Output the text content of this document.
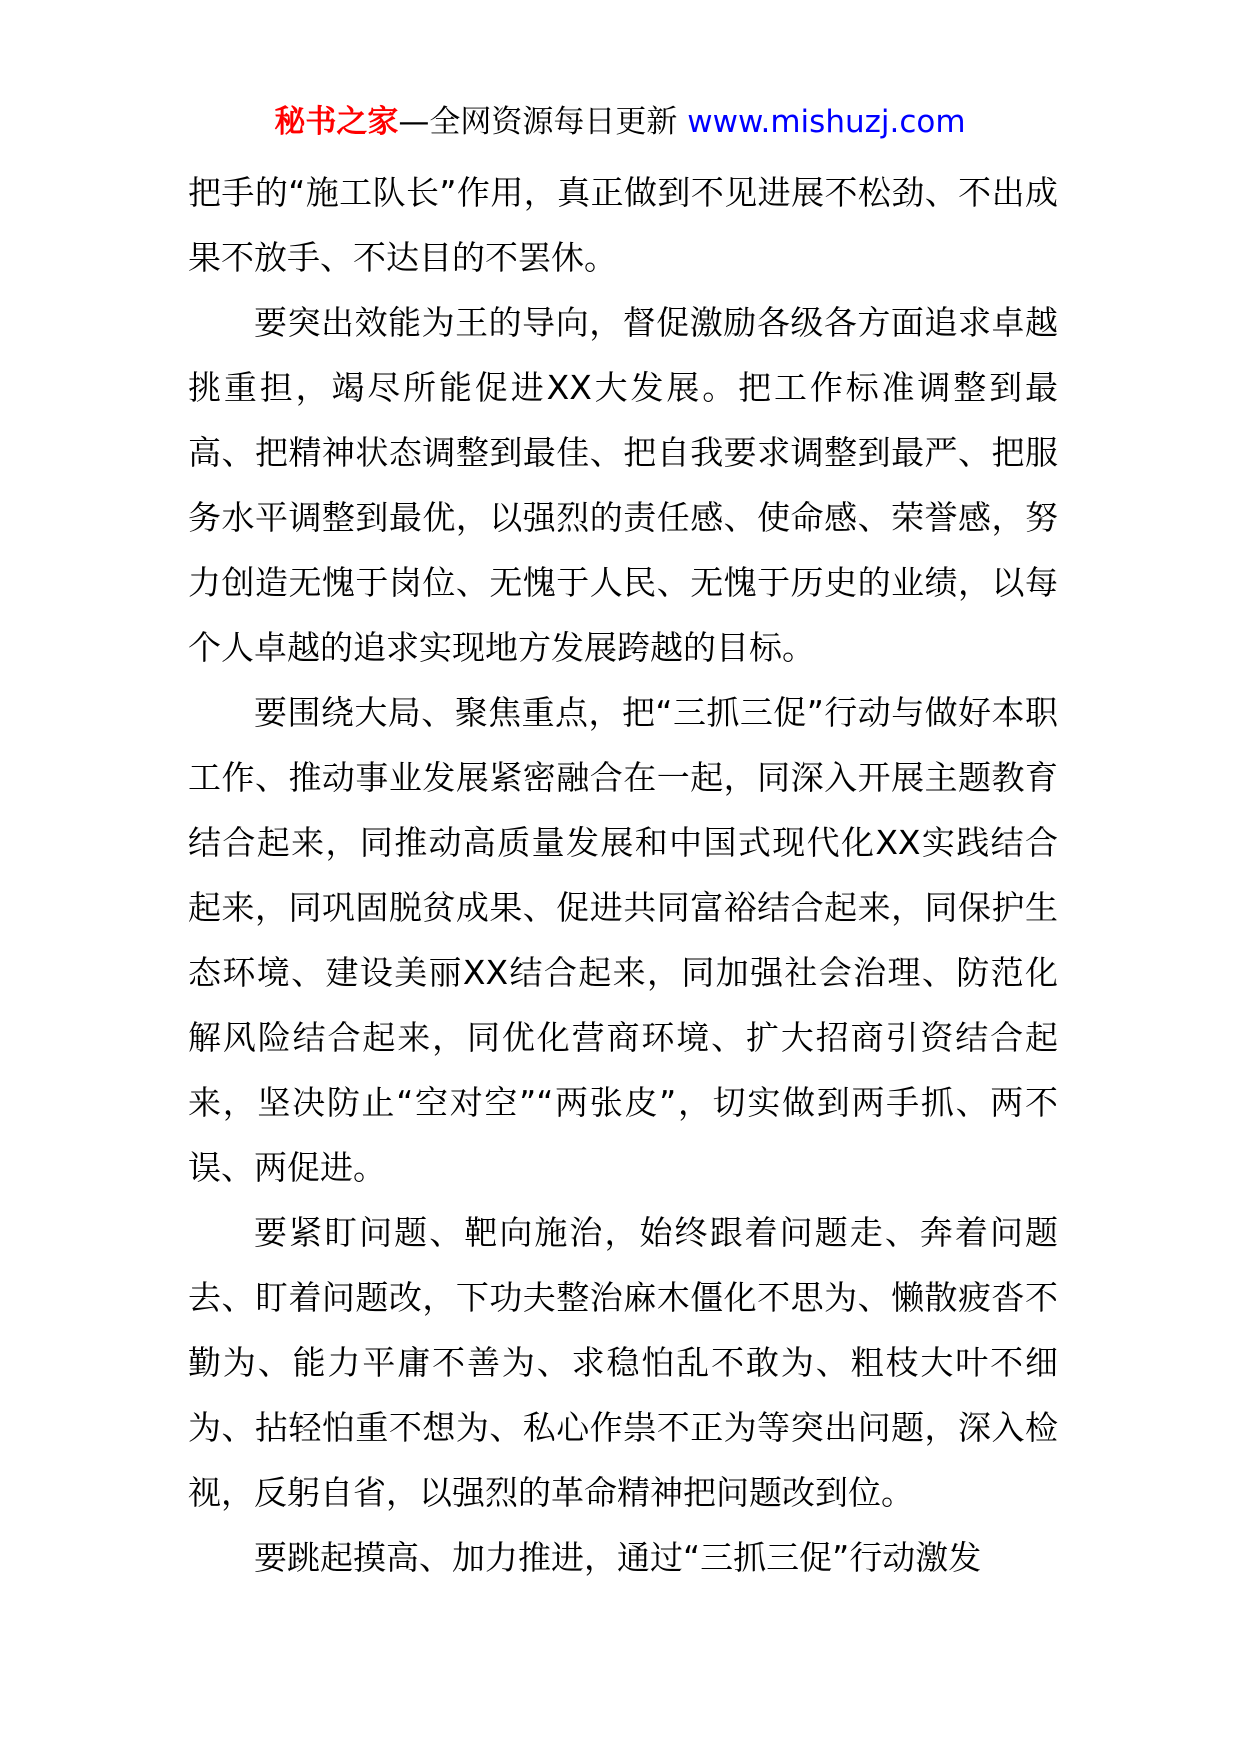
秘书之家—全网资源每日更新 www.mishuzj.com

把手的“施工队长”作用，真正做到不见进展不松劲、不出成果不放手、不达目的不罢休。

要突出效能为王的导向，督促激励各级各方面追求卓越挑重担，竭尽所能促进XX大发展。把工作标准调整到最高、把精神状态调整到最佳、把自我要求调整到最严、把服务水平调整到最优，以强烈的责任感、使命感、荣誉感，努力创造无愧于岗位、无愧于人民、无愧于历史的业绩，以每个人卓越的追求实现地方发展跨越的目标。

要围绕大局、聚焦重点，把“三抓三促”行动与做好本职工作、推动事业发展紧密融合在一起，同深入开展主题教育结合起来，同推动高质量发展和中国式现代化XX实践结合起来，同巩固脱贫成果、促进共同富裕结合起来，同保护生态环境、建设美丽XX结合起来，同加强社会治理、防范化解风险结合起来，同优化营商环境、扩大招商引资结合起来，坚决防止“空对空”“两张皮”，切实做到两手抓、两不误、两促进。

要紧盯问题、靶向施治，始终跟着问题走、奔着问题去、盯着问题改，下功夫整治麻木僵化不思为、懒散疲沓不勤为、能力平庸不善为、求稳怕乱不敢为、粗枝大叶不细为、拈轻怕重不想为、私心作祟不正为等突出问题，深入检视，反躬自省，以强烈的革命精神把问题改到位。

要跳起摸高、加力推进，通过“三抓三促”行动激发
